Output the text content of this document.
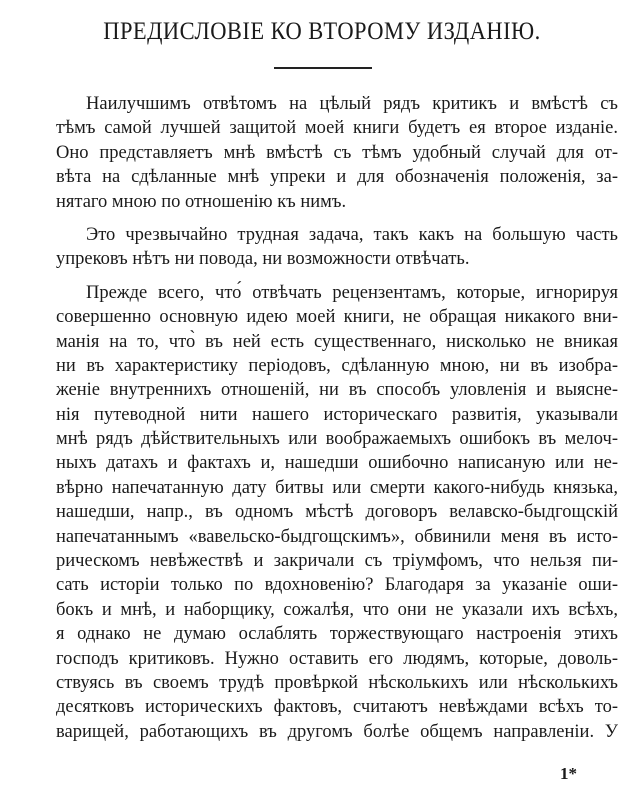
ПРЕДИСЛОВІЕ КО ВТОРОМУ ИЗДАНІЮ.
Наилучшимъ отвѣтомъ на цѣлый рядъ критикъ и вмѣстѣ съ
тѣмъ самой лучшей защитой моей книги будетъ ея второе изданіе.
Оно представляетъ мнѣ вмѣстѣ съ тѣмъ удобный случай для от-
вѣта на сдѣланные мнѣ упреки и для обозначенія положенія, за-
нятаго мною по отношенію къ нимъ.
Это чрезвычайно трудная задача, такъ какъ на большую часть
упрековъ нѣтъ ни повода, ни возможности отвѣчать.
Прежде всего, что́ отвѣчать рецензентамъ, которые, игнорируя
совершенно основную идею моей книги, не обращая никакого вни-
манія на то, что̀ въ ней есть существеннаго, нисколько не вникая
ни въ характеристику періодовъ, сдѣланную мною, ни въ изобра-
женіе внутреннихъ отношеній, ни въ способъ уловленія и выясне-
нія путеводной нити нашего историческаго развитія, указывали
мнѣ рядъ дѣйствительныхъ или воображаемыхъ ошибокъ въ мелоч-
ныхъ датахъ и фактахъ и, нашедши ошибочно написаную или не-
вѣрно напечатанную дату битвы или смерти какого-нибудь князька,
нашедши, напр., въ одномъ мѣстѣ договоръ велавско-быдгощскій
напечатаннымъ «вавельско-быдгощскимъ», обвинили меня въ исто-
рическомъ невѣжествѣ и закричали съ тріумфомъ, что нельзя пи-
сать исторіи только по вдохновенію? Благодаря за указаніе оши-
бокъ и мнѣ, и наборщику, сожалѣя, что они не указали ихъ всѣхъ,
я однако не думаю ослаблять торжествующаго настроенія этихъ
господъ критиковъ. Нужно оставить его людямъ, которые, доволь-
ствуясь въ своемъ трудѣ провѣркой нѣсколькихъ или нѣсколькихъ
десятковъ историческихъ фактовъ, считаютъ невѣждами всѣхъ то-
варищей, работающихъ въ другомъ болѣе общемъ направленіи. У
1*
